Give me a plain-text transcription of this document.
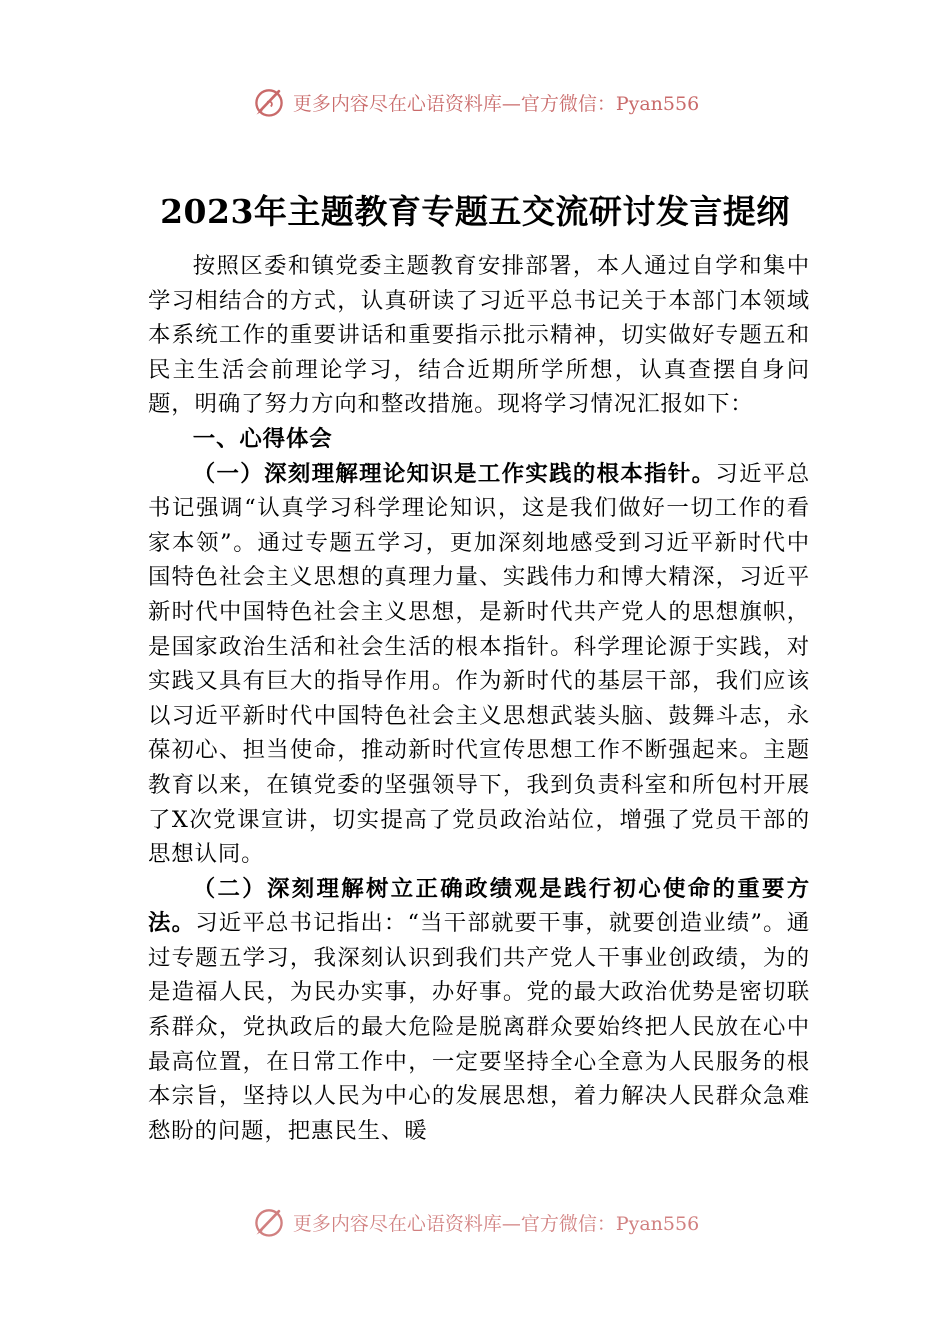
更多内容尽在心语资料库—官方微信：Pyan556
2023年主题教育专题五交流研讨发言提纲

按照区委和镇党委主题教育安排部署，本人通过自学和集中学习相结合的方式，认真研读了习近平总书记关于本部门本领域本系统工作的重要讲话和重要指示批示精神，切实做好专题五和民主生活会前理论学习，结合近期所学所想，认真查摆自身问题，明确了努力方向和整改措施。现将学习情况汇报如下：

一、心得体会

（一）深刻理解理论知识是工作实践的根本指针。习近平总书记强调“认真学习科学理论知识，这是我们做好一切工作的看家本领”。通过专题五学习，更加深刻地感受到习近平新时代中国特色社会主义思想的真理力量、实践伟力和博大精深，习近平新时代中国特色社会主义思想，是新时代共产党人的思想旗帜，是国家政治生活和社会生活的根本指针。科学理论源于实践，对实践又具有巨大的指导作用。作为新时代的基层干部，我们应该以习近平新时代中国特色社会主义思想武装头脑、鼓舞斗志，永葆初心、担当使命，推动新时代宣传思想工作不断强起来。主题教育以来，在镇党委的坚强领导下，我到负责科室和所包村开展了X次党课宣讲，切实提高了党员政治站位，增强了党员干部的思想认同。

（二）深刻理解树立正确政绩观是践行初心使命的重要方法。习近平总书记指出：“当干部就要干事，就要创造业绩”。通过专题五学习，我深刻认识到我们共产党人干事业创政绩，为的是造福人民，为民办实事，办好事。党的最大政治优势是密切联系群众，党执政后的最大危险是脱离群众要始终把人民放在心中最高位置，在日常工作中，一定要坚持全心全意为人民服务的根本宗旨，坚持以人民为中心的发展思想，着力解决人民群众急难愁盼的问题，把惠民生、暖

更多内容尽在心语资料库—官方微信：Pyan556
